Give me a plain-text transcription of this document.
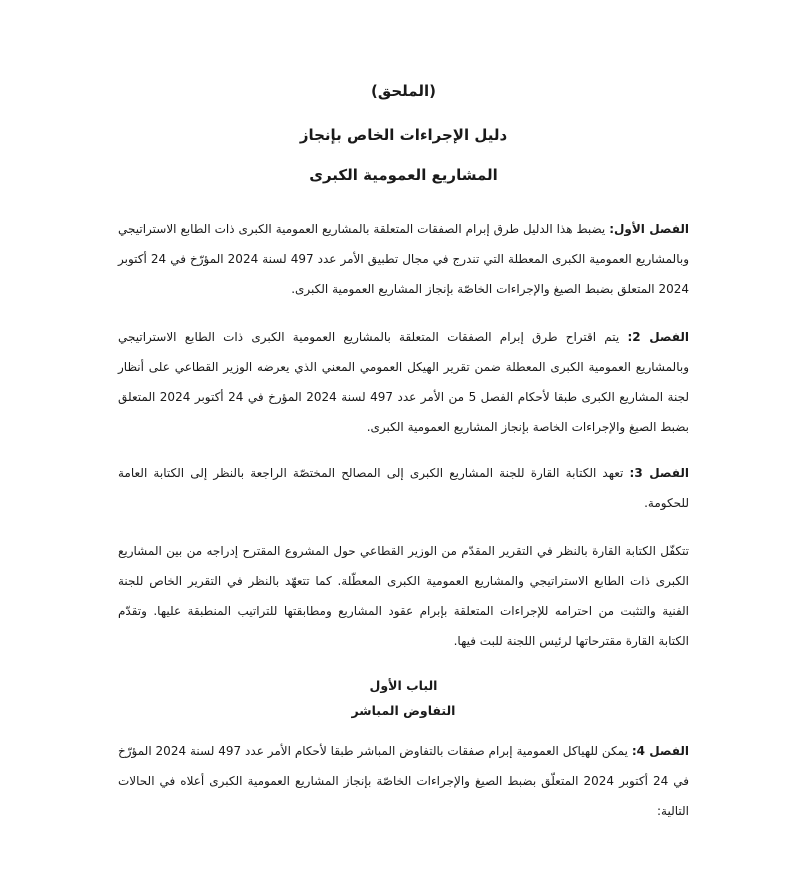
(الملحق)

دليل الإجراءات الخاص بإنجاز

المشاريع العمومية الكبرى

الفصل الأول: يضبط هذا الدليل طرق إبرام الصفقات المتعلقة بالمشاريع العمومية الكبرى ذات الطابع الاستراتيجي وبالمشاريع العمومية الكبرى المعطلة التي تندرج في مجال تطبيق الأمر عدد 497 لسنة 2024 المؤرّخ في 24 أكتوبر 2024 المتعلق بضبط الصيغ والإجراءات الخاصّة بإنجاز المشاريع العمومية الكبرى.

الفصل 2: يتم اقتراح طرق إبرام الصفقات المتعلقة بالمشاريع العمومية الكبرى ذات الطابع الاستراتيجي وبالمشاريع العمومية الكبرى المعطلة ضمن تقرير الهيكل العمومي المعني الذي يعرضه الوزير القطاعي على أنظار لجنة المشاريع الكبرى طبقا لأحكام الفصل 5 من الأمر عدد 497 لسنة 2024 المؤرخ في 24 أكتوبر 2024 المتعلق بضبط الصيغ والإجراءات الخاصة بإنجاز المشاريع العمومية الكبرى.

الفصل 3: تعهد الكتابة القارة للجنة المشاريع الكبرى إلى المصالح المختصّة الراجعة بالنظر إلى الكتابة العامة للحكومة.

تتكفّل الكتابة القارة بالنظر في التقرير المقدّم من الوزير القطاعي حول المشروع المقترح إدراجه من بين المشاريع الكبرى ذات الطابع الاستراتيجي والمشاريع العمومية الكبرى المعطّلة. كما تتعهّد بالنظر في التقرير الخاص للجنة الفنية والتثبت من احترامه للإجراءات المتعلقة بإبرام عقود المشاريع ومطابقتها للتراتيب المنطبقة عليها. وتقدّم الكتابة القارة مقترحاتها لرئيس اللجنة للبت فيها.

الباب الأول

التفاوض المباشر

الفصل 4: يمكن للهياكل العمومية إبرام صفقات بالتفاوض المباشر طبقا لأحكام الأمر عدد 497 لسنة 2024 المؤرّخ في 24 أكتوبر 2024 المتعلّق بضبط الصيغ والإجراءات الخاصّة بإنجاز المشاريع العمومية الكبرى أعلاه في الحالات التالية:
